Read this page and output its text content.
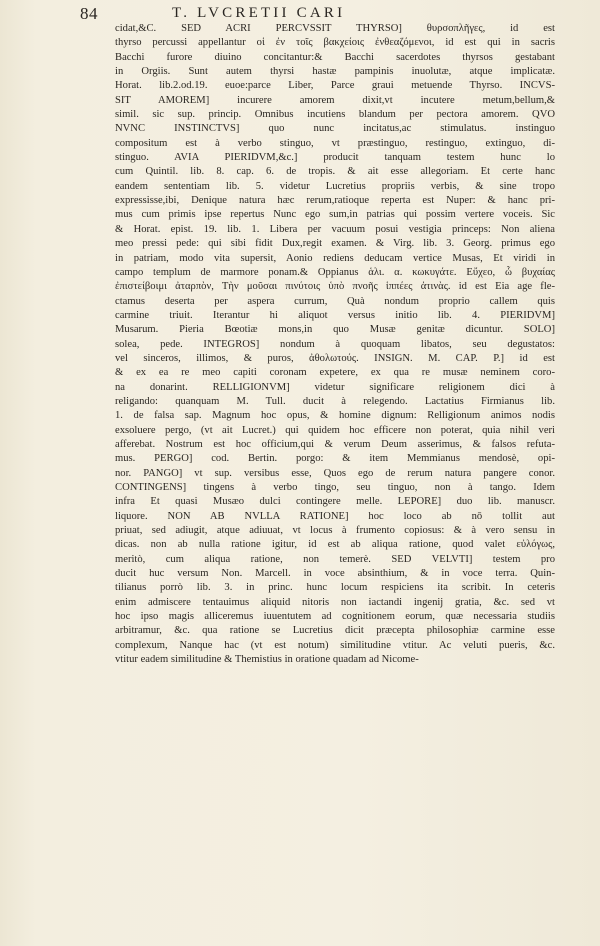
84	T. LVCRETII CARI
cidat,&C. SED ACRI PERCVSSIT THYRSO] θυρσοπλῆγες, id est
thyrso percussi appellantur οἱ ἐν τοῖς βακχείοις ἐνθεαζόμενοι, id est qui in sacris
Bacchi furore diuino concitantur:& Bacchi sacerdotes thyrsos gestabant
in Orgiis. Sunt autem thyrsi hastæ pampinis inuolutæ, atque implicatæ.
Horat. lib.2.od.19. euoe:parce Liber, Parce graui metuende Thyrso. INCVS-
SIT AMOREM] incurere amorem dixit,vt incutere metum,bellum,&
simil. sic sup. princip. Omnibus incutiens blandum per pectora amorem. QVO
NVNC INSTINCTVS] quo nunc incitatus,ac stimulatus. instinguo
compositum est à verbo stinguo, vt præstinguo, restinguo, extinguo, di-
stinguo. AVIA PIERIDVM,&c.] producit tanquam testem hunc lo
cum Quintil. lib. 8. cap. 6. de tropis. & ait esse allegoriam. Et certe hanc
eandem sententiam lib. 5. videtur Lucretius propriis verbis, & sine tropo
expressisse,ibi, Denique natura hæc rerum,ratioque reperta est Nuper: & hanc pri-
mus cum primis ipse repertus Nunc ego sum,in patrias qui possim vertere voceis. Sic
& Horat. epist. 19. lib. 1. Libera per vacuum posui vestigia princeps: Non aliena
meo pressi pede: qui sibi fidit Dux,regit examen. & Virg. lib. 3. Georg. primus ego
in patriam, modo vita supersit, Aonio rediens deducam vertice Musas, Et viridi in
campo templum de marmore ponam.& Oppianus ἁλι. α. κωκυγάτε. Εὔχεο, ὦ βυχαίας
ἐπιστείβοιμι ἀταρπὸν, Τὴν μοῦσαι πινύτοις ὑπὸ πνοῆς ἱππέες ἀτινὰς. id est Eia age fle-
ctamus deserta per aspera currum, Quà nondum proprio callem quis
carmine triuit. Iterantur hi aliquot versus initio lib. 4. PIERIDVM]
Musarum. Pieria Bœotiæ mons,in quo Musæ genitæ dicuntur. SOLO]
solea, pede. INTEGROS] nondum à quoquam libatos, seu degustatos:
vel sinceros, illimos, & puros, ἀθολωτούς. INSIGN. M. CAP. P.] id est
& ex ea re meo capiti coronam expetere, ex qua re musæ neminem coro-
na donarint. RELLIGIONVM] videtur significare religionem dici à
religando: quanquam M. Tull. ducit à relegendo. Lactatius Firmianus lib.
1. de falsa sap. Magnum hoc opus, & homine dignum: Relligionum animos nodis
exsoluere pergo, (vt ait Lucret.) qui quidem hoc efficere non poterat, quia nihil veri
afferebat. Nostrum est hoc officium,qui & verum Deum asserimus, & falsos refuta-
mus. PERGO] cod. Bertin. porgo: & item Memmianus mendosè, opi-
nor. PANGO] vt sup. versibus esse, Quos ego de rerum natura pangere conor.
CONTINGENS] tingens à verbo tingo, seu tinguo, non à tango. Idem
infra Et quasi Musæo dulci contingere melle. LEPORE] duo lib. manuscr.
liquore. NON AB NVLLA RATIONE] hoc loco ab nō tollit aut
priuat, sed adiugit, atque adiuuat, vt locus à frumento copiosus: & à vero sensu in
dicas. non ab nulla ratione igitur, id est ab aliqua ratione, quod valet εὐλόγως,
meritò, cum aliqua ratione, non temerè. SED VELVTI] testem pro
ducit huc versum Non. Marcell. in voce absinthium, & in voce terra. Quin-
tilianus porrò lib. 3. in princ. hunc locum respiciens ita scribit. In ceteris
enim admiscere tentauimus aliquid nitoris non iactandi ingenij gratia, &c. sed vt
hoc ipso magis alliceremus iuuentutem ad cognitionem eorum, quæ necessaria studiis
arbitramur, &c. qua ratione se Lucretius dicit præcepta philosophiæ carmine esse
complexum, Nanque hac (vt est notum) similitudine vtitur. Ac veluti pueris, &c.
vtitur eadem similitudine & Themistius in oratione quadam ad Nicome-
